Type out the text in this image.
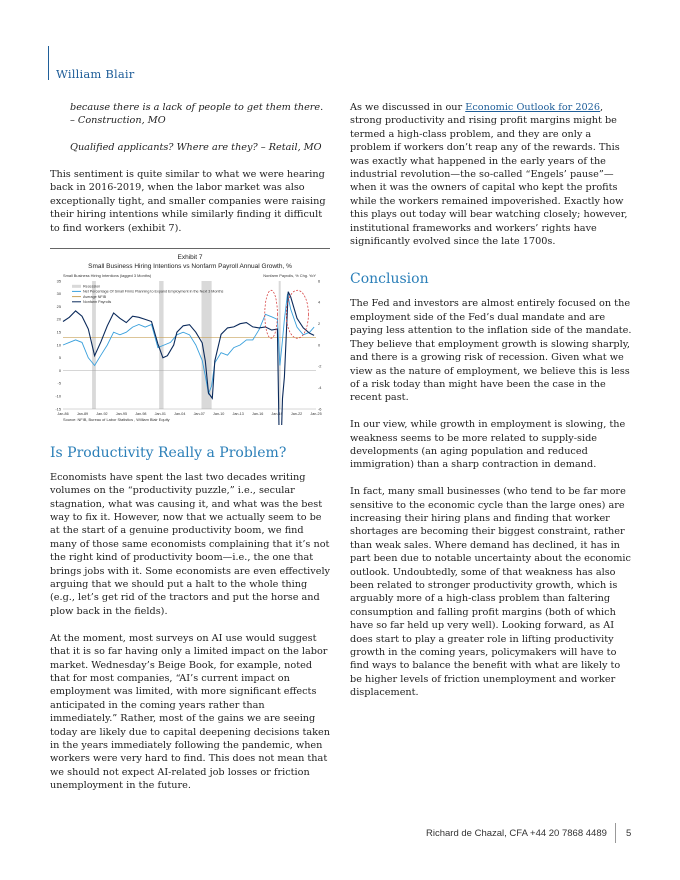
William Blair

because there is a lack of people to get them there.
– Construction, MO

Qualified applicants? Where are they? – Retail, MO

This sentiment is quite similar to what we were hearing back in 2016-2019, when the labor market was also exceptionally tight, and smaller companies were raising their hiring intentions while similarly finding it difficult to find workers (exhibit 7).

Exhibit 7
Small Business Hiring Intentions vs Nonfarm Payroll Annual Growth, %
Small Business Hiring Intentions (lagged 3 Months)	Nonfarm Payrolls, % Chg. YoY
35
30
25
20
15
10
5
0
-5
-10
-15
6
4
2
0
-2
-4
-6
Jan-86 Jan-89 Jan-92 Jan-95 Jan-98 Jan-01 Jan-04 Jan-07 Jan-10 Jan-13 Jan-16 Jan-19 Jan-22 Jan-25
Recession
Net Percentage Of Small Firms Planning to Expand Employment in the Next 3 Months
Average NFIB
Nonfarm Payrolls
Source: NFIB, Bureau of Labor Statistics , William Blair Equity
Is Productivity Really a Problem?

Economists have spent the last two decades writing volumes on the “productivity puzzle,” i.e., secular stagnation, what was causing it, and what was the best way to fix it. However, now that we actually seem to be at the start of a genuine productivity boom, we find many of those same economists complaining that it’s not the right kind of productivity boom—i.e., the one that brings jobs with it. Some economists are even effectively arguing that we should put a halt to the whole thing (e.g., let’s get rid of the tractors and put the horse and plow back in the fields).

At the moment, most surveys on AI use would suggest that it is so far having only a limited impact on the labor market. Wednesday’s Beige Book, for example, noted that for most companies, “AI’s current impact on employment was limited, with more significant effects anticipated in the coming years rather than immediately.” Rather, most of the gains we are seeing today are likely due to capital deepening decisions taken in the years immediately following the pandemic, when workers were very hard to find. This does not mean that we should not expect AI-related job losses or friction unemployment in the future.

As we discussed in our Economic Outlook for 2026, strong productivity and rising profit margins might be termed a high-class problem, and they are only a problem if workers don’t reap any of the rewards. This was exactly what happened in the early years of the industrial revolution—the so-called “Engels’ pause”—when it was the owners of capital who kept the profits while the workers remained impoverished. Exactly how this plays out today will bear watching closely; however, institutional frameworks and workers’ rights have significantly evolved since the late 1700s.

Conclusion

The Fed and investors are almost entirely focused on the employment side of the Fed’s dual mandate and are paying less attention to the inflation side of the mandate. They believe that employment growth is slowing sharply, and there is a growing risk of recession. Given what we view as the nature of employment, we believe this is less of a risk today than might have been the case in the recent past.

In our view, while growth in employment is slowing, the weakness seems to be more related to supply-side developments (an aging population and reduced immigration) than a sharp contraction in demand.

In fact, many small businesses (who tend to be far more sensitive to the economic cycle than the large ones) are increasing their hiring plans and finding that worker shortages are becoming their biggest constraint, rather than weak sales. Where demand has declined, it has in part been due to notable uncertainty about the economic outlook. Undoubtedly, some of that weakness has also been related to stronger productivity growth, which is arguably more of a high-class problem than faltering consumption and falling profit margins (both of which have so far held up very well). Looking forward, as AI does start to play a greater role in lifting productivity growth in the coming years, policymakers will have to find ways to balance the benefit with what are likely to be higher levels of friction unemployment and worker displacement.

Richard de Chazal, CFA +44 20 7868 4489 5
